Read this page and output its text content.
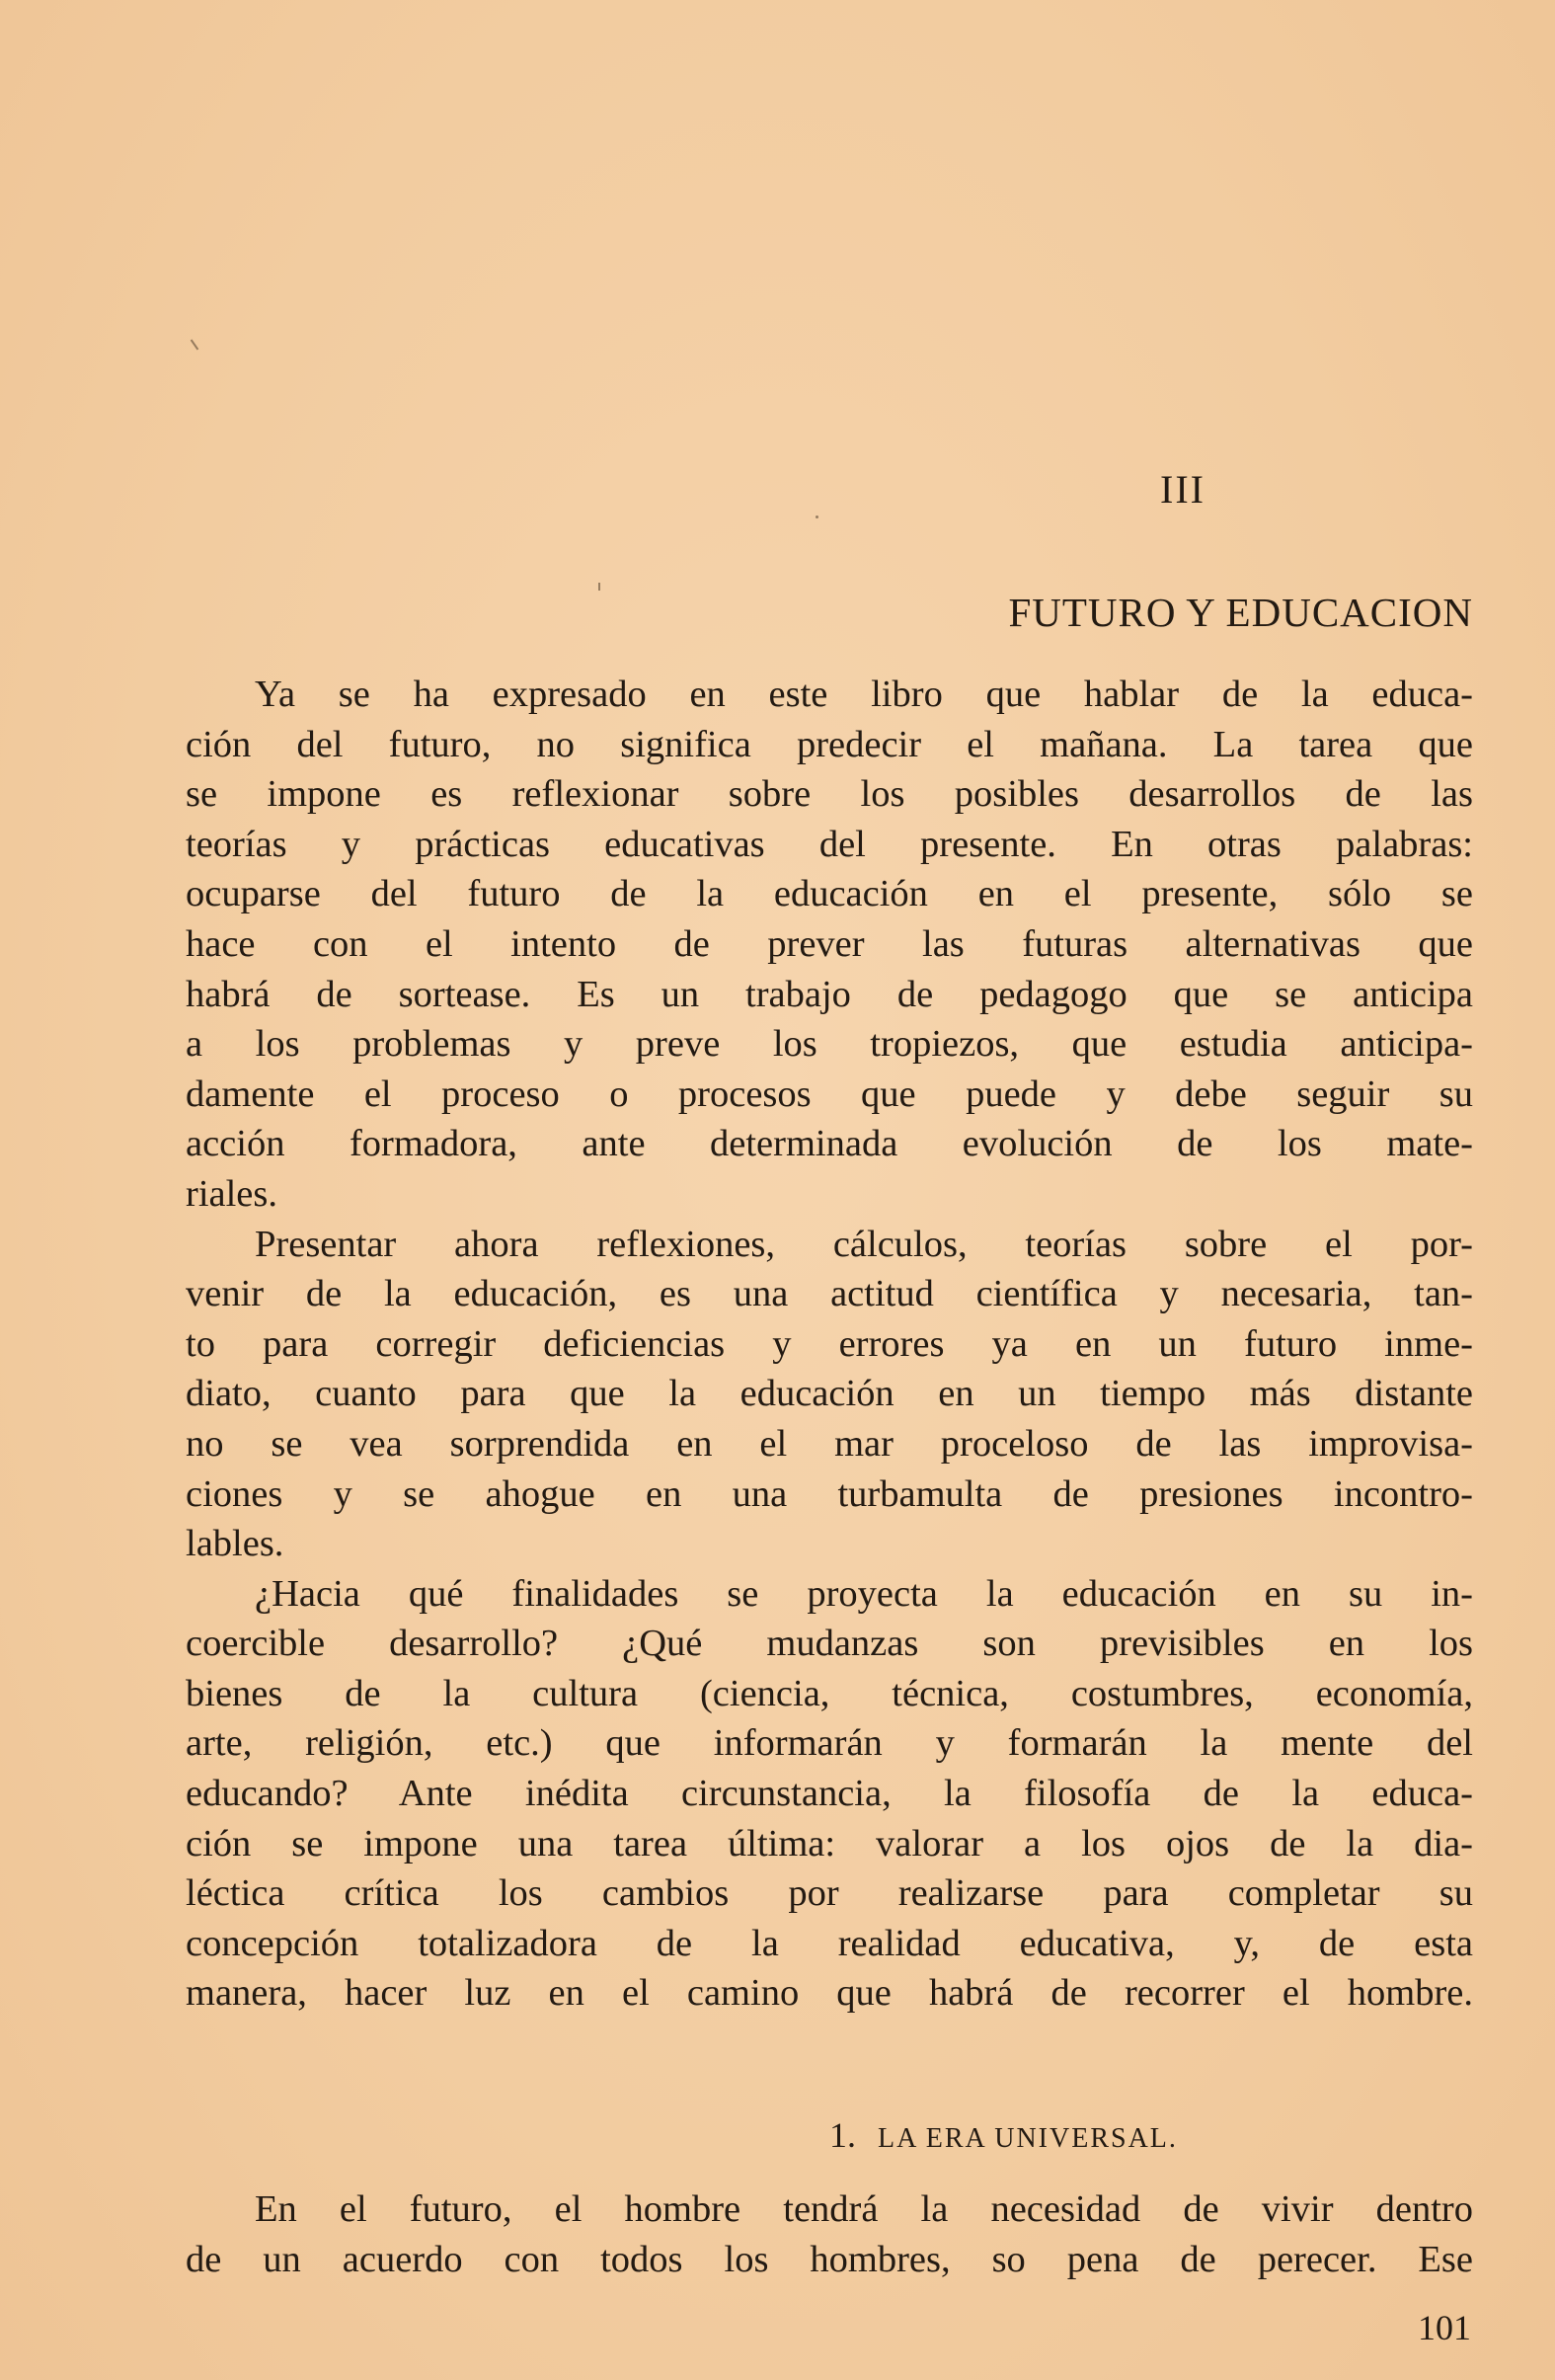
III
FUTURO Y EDUCACION
Ya se ha expresado en este libro que hablar de la educa-
ción del futuro, no significa predecir el mañana. La tarea que
se impone es reflexionar sobre los posibles desarrollos de las
teorías y prácticas educativas del presente. En otras palabras:
ocuparse del futuro de la educación en el presente, sólo se
hace con el intento de prever las futuras alternativas que
habrá de sortease. Es un trabajo de pedagogo que se anticipa
a los problemas y preve los tropiezos, que estudia anticipa-
damente el proceso o procesos que puede y debe seguir su
acción formadora, ante determinada evolución de los mate-
riales.
Presentar ahora reflexiones, cálculos, teorías sobre el por-
venir de la educación, es una actitud científica y necesaria, tan-
to para corregir deficiencias y errores ya en un futuro inme-
diato, cuanto para que la educación en un tiempo más distante
no se vea sorprendida en el mar proceloso de las improvisa-
ciones y se ahogue en una turbamulta de presiones incontro-
lables.
¿Hacia qué finalidades se proyecta la educación en su in-
coercible desarrollo? ¿Qué mudanzas son previsibles en los
bienes de la cultura (ciencia, técnica, costumbres, economía,
arte, religión, etc.) que informarán y formarán la mente del
educando? Ante inédita circunstancia, la filosofía de la educa-
ción se impone una tarea última: valorar a los ojos de la dia-
léctica crítica los cambios por realizarse para completar su
concepción totalizadora de la realidad educativa, y, de esta
manera, hacer luz en el camino que habrá de recorrer el hombre.
1. LA ERA UNIVERSAL.
En el futuro, el hombre tendrá la necesidad de vivir dentro
de un acuerdo con todos los hombres, so pena de perecer. Ese
101
